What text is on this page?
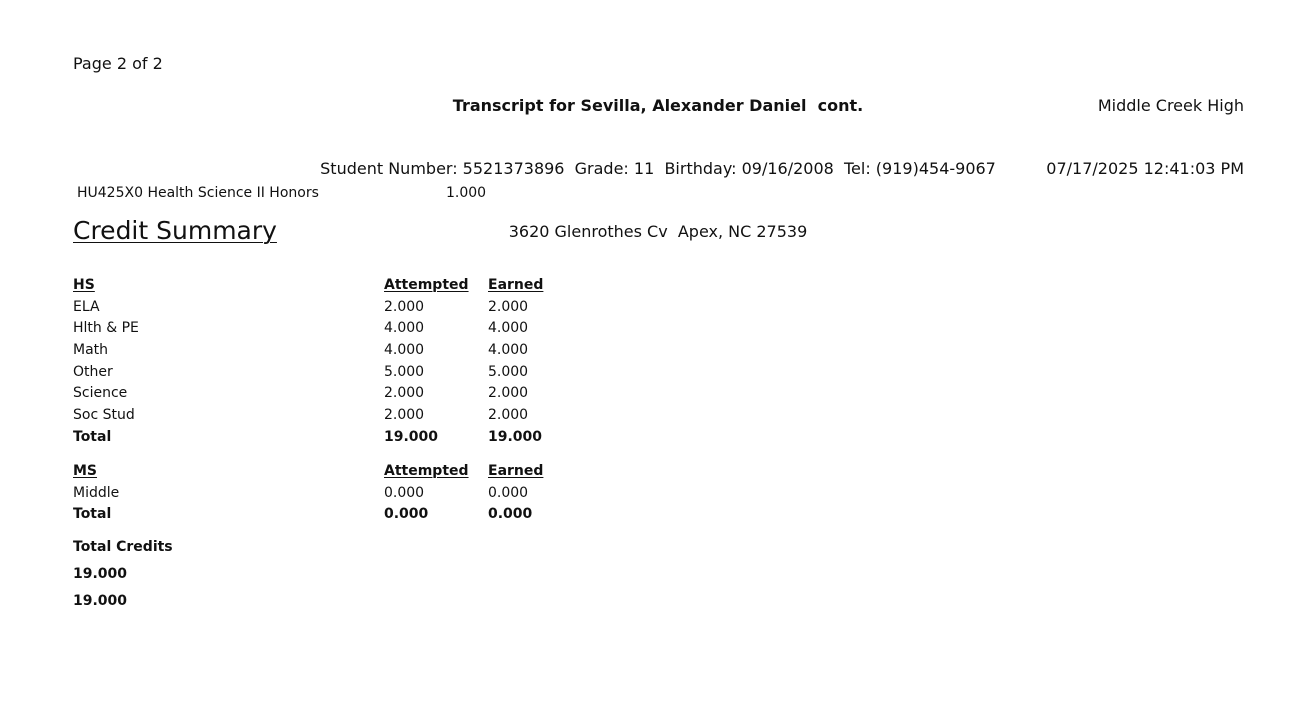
Page 2 of 2

Transcript for Sevilla, Alexander Daniel  cont.

Student Number: 5521373896  Grade: 11  Birthday: 09/16/2008  Tel: (919)454-9067

3620 Glenrothes Cv  Apex, NC 27539

Middle Creek High

07/17/2025 12:41:03 PM

HU425X0 Health Science II Honors	1.000
Credit Summary
HS	Attempted Earned
ELA	2.000	2.000
Hlth & PE	4.000	4.000
Math	4.000	4.000
Other	5.000	5.000
Science	2.000	2.000
Soc Stud	2.000	2.000
Total	19.000	19.000
MS	Attempted Earned
Middle	0.000	0.000
Total	0.000	0.000
Total Credits
19.000
19.000
